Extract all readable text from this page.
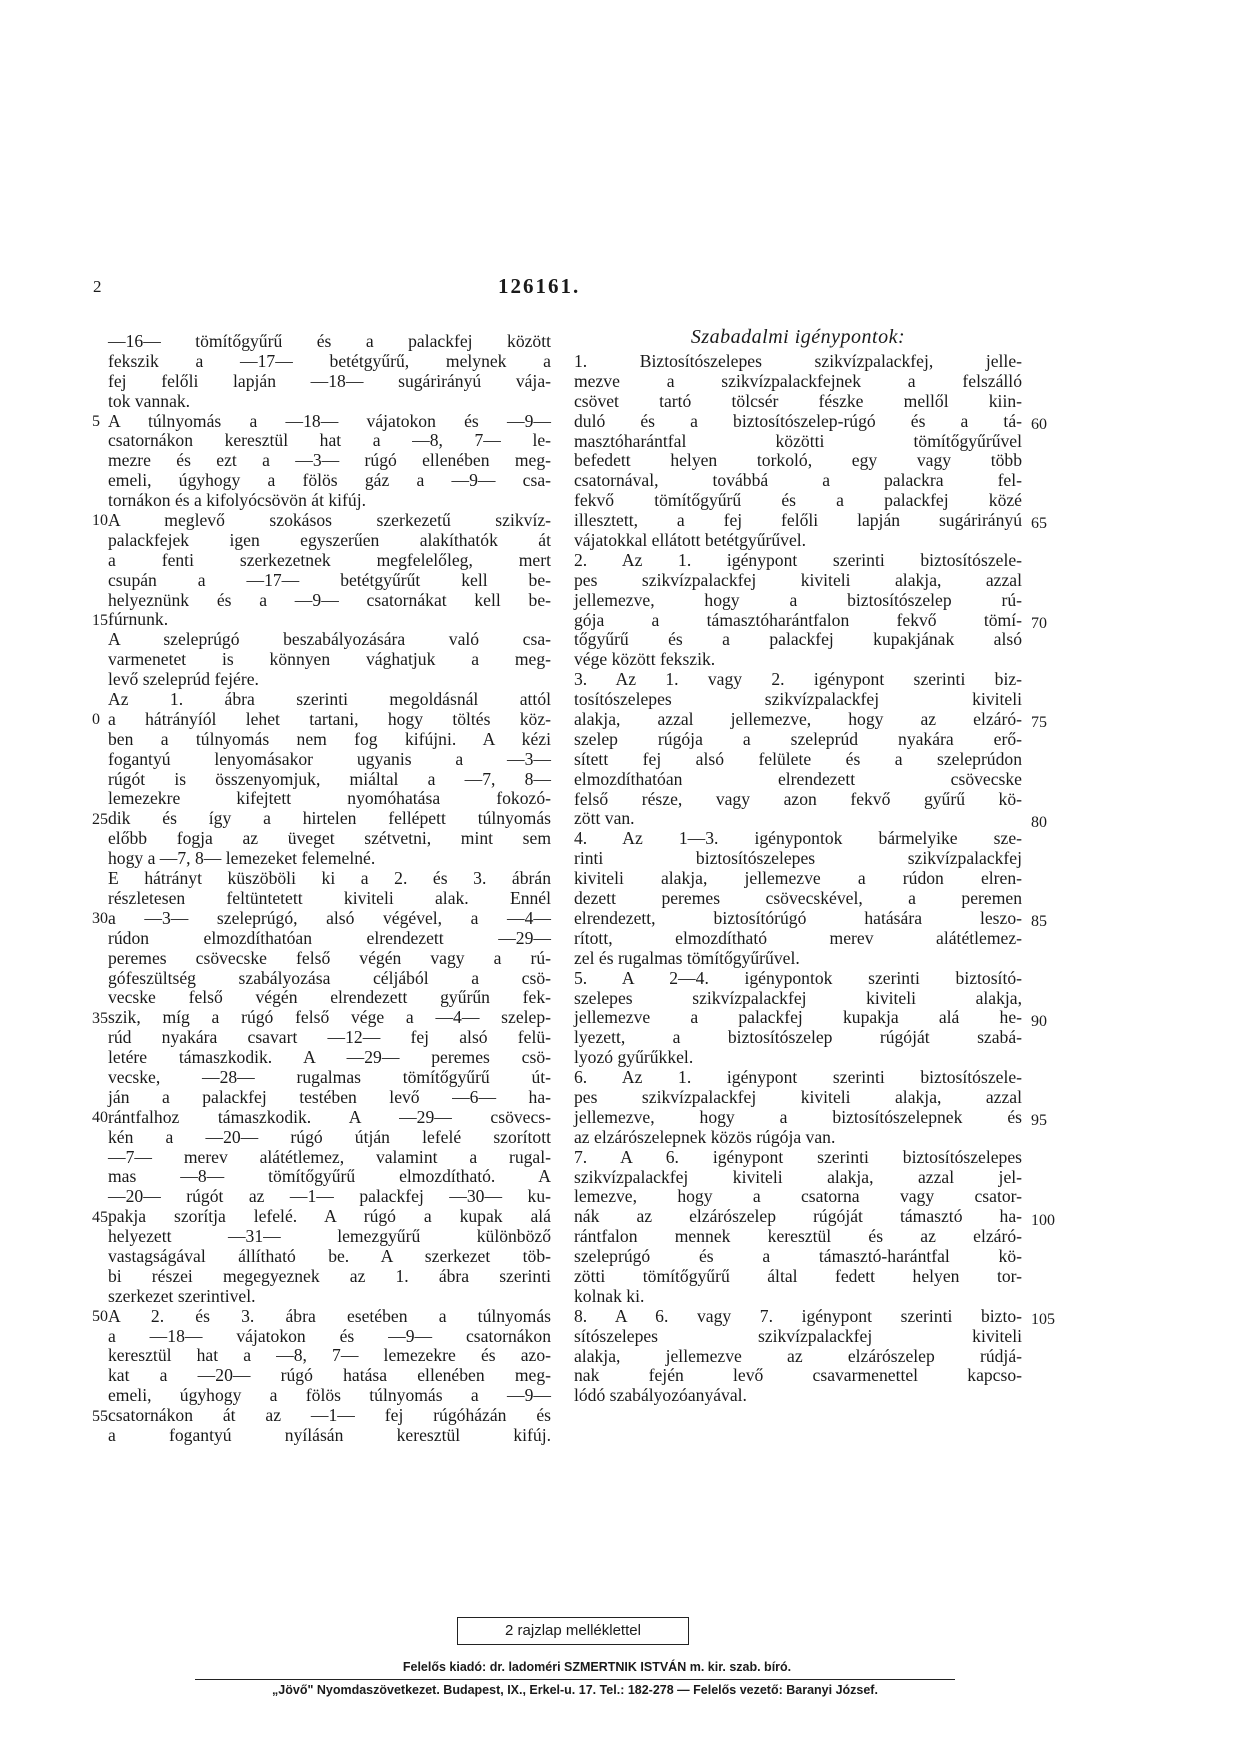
2	126161.
—16— tömítőgyűrű és a palackfej között
fekszik a —17— betétgyűrű, melynek a
fej felőli lapján —18— sugárirányú vája-
tok vannak.
A túlnyomás a —18— vájatokon és —9—
csatornákon keresztül hat a —8, 7— le-
mezre és ezt a —3— rúgó ellenében meg-
emeli, úgyhogy a fölös gáz a —9— csa-
tornákon és a kifolyócsövön át kifúj.
A meglevő szokásos szerkezetű szikvíz-
palackfejek igen egyszerűen alakíthatók át
a fenti szerkezetnek megfelelőleg, mert
csupán a —17— betétgyűrűt kell be-
helyeznünk és a —9— csatornákat kell be-
fúrnunk.
A szeleprúgó beszabályozására való csa-
varmenetet is könnyen vághatjuk a meg-
levő szeleprúd fejére.
Az 1. ábra szerinti megoldásnál attól
a hátrányíól lehet tartani, hogy töltés köz-
ben a túlnyomás nem fog kifújni. A kézi
fogantyú lenyomásakor ugyanis a —3—
rúgót is összenyomjuk, miáltal a —7, 8—
lemezekre kifejtett nyomóhatása fokozó-
dik és így a hirtelen fellépett túlnyomás
előbb fogja az üveget szétvetni, mint sem
hogy a —7, 8— lemezeket felemelné.
E hátrányt küszöböli ki a 2. és 3. ábrán
részletesen feltüntetett kiviteli alak. Ennél
a —3— szeleprúgó, alsó végével, a —4—
rúdon elmozdíthatóan elrendezett —29—
peremes csövecske felső végén vagy a rú-
gófeszültség szabályozása céljából a csö-
vecske felső végén elrendezett gyűrűn fek-
szik, míg a rúgó felső vége a —4— szelep-
rúd nyakára csavart —12— fej alsó felü-
letére támaszkodik. A —29— peremes csö-
vecske, —28— rugalmas tömítőgyűrű út-
ján a palackfej testében levő —6— ha-
rántfalhoz támaszkodik. A —29— csövecs-
kén a —20— rúgó útján lefelé szorított
—7— merev alátétlemez, valamint a rugal-
mas —8— tömítőgyűrű elmozdítható. A
—20— rúgót az —1— palackfej —30— ku-
pakja szorítja lefelé. A rúgó a kupak alá
helyezett —31— lemezgyűrű különböző
vastagságával állítható be. A szerkezet töb-
bi részei megegyeznek az 1. ábra szerinti
szerkezet szerintivel.
A 2. és 3. ábra esetében a túlnyomás
a —18— vájatokon és —9— csatornákon
keresztül hat a —8, 7— lemezekre és azo-
kat a —20— rúgó hatása ellenében meg-
emeli, úgyhogy a fölös túlnyomás a —9—
csatornákon át az —1— fej rúgóházán és
a fogantyú nyílásán keresztül kifúj.
Szabadalmi igénypontok:
1. Biztosítószelepes szikvízpalackfej, jelle-
mezve a szikvízpalackfejnek a felszálló
csövet tartó tölcsér fészke mellől kiin-
duló és a biztosítószelep-rúgó és a tá-
masztóharántfal közötti tömítőgyűrűvel
befedett helyen torkoló, egy vagy több
csatornával, továbbá a palackra fel-
fekvő tömítőgyűrű és a palackfej közé
illesztett, a fej felőli lapján sugárirányú
vájatokkal ellátott betétgyűrűvel.
2. Az 1. igénypont szerinti biztosítószele-
pes szikvízpalackfej kiviteli alakja, azzal
jellemezve, hogy a biztosítószelep rú-
gója a támasztóharántfalon fekvő tömí-
tőgyűrű és a palackfej kupakjának alsó
vége között fekszik.
3. Az 1. vagy 2. igénypont szerinti biz-
tosítószelepes szikvízpalackfej kiviteli
alakja, azzal jellemezve, hogy az elzáró-
szelep rúgója a szeleprúd nyakára erő-
sített fej alsó felülete és a szeleprúdon
elmozdíthatóan elrendezett csövecske
felső része, vagy azon fekvő gyűrű kö-
zött van.
4. Az 1—3. igénypontok bármelyike sze-
rinti biztosítószelepes szikvízpalackfej
kiviteli alakja, jellemezve a rúdon elren-
dezett peremes csövecskével, a peremen
elrendezett, biztosítórúgó hatására leszo-
rított, elmozdítható merev alátétlemez-
zel és rugalmas tömítőgyűrűvel.
5. A 2—4. igénypontok szerinti biztosító-
szelepes szikvízpalackfej kiviteli alakja,
jellemezve a palackfej kupakja alá he-
lyezett, a biztosítószelep rúgóját szabá-
lyozó gyűrűkkel.
6. Az 1. igénypont szerinti biztosítószele-
pes szikvízpalackfej kiviteli alakja, azzal
jellemezve, hogy a biztosítószelepnek és
az elzárószelepnek közös rúgója van.
7. A 6. igénypont szerinti biztosítószelepes
szikvízpalackfej kiviteli alakja, azzal jel-
lemezve, hogy a csatorna vagy csator-
nák az elzárószelep rúgóját támasztó ha-
rántfalon mennek keresztül és az elzáró-
szeleprúgó és a támasztó-harántfal kö-
zötti tömítőgyűrű által fedett helyen tor-
kolnak ki.
8. A 6. vagy 7. igénypont szerinti bizto-
sítószelepes szikvízpalackfej kiviteli
alakja, jellemezve az elzárószelep rúdjá-
nak fején levő csavarmenettel kapcso-
lódó szabályozóanyával.
5
10
15
0
25
30
35
40
45
50
55
60
65
70
75
80
85
90
95
100
105
2 rajzlap melléklettel
Felelős kiadó: dr. ladoméri SZMERTNIK ISTVÁN m. kir. szab. bíró.
„Jövő" Nyomdaszövetkezet. Budapest, IX., Erkel-u. 17. Tel.: 182-278 — Felelős vezető: Baranyi József.
